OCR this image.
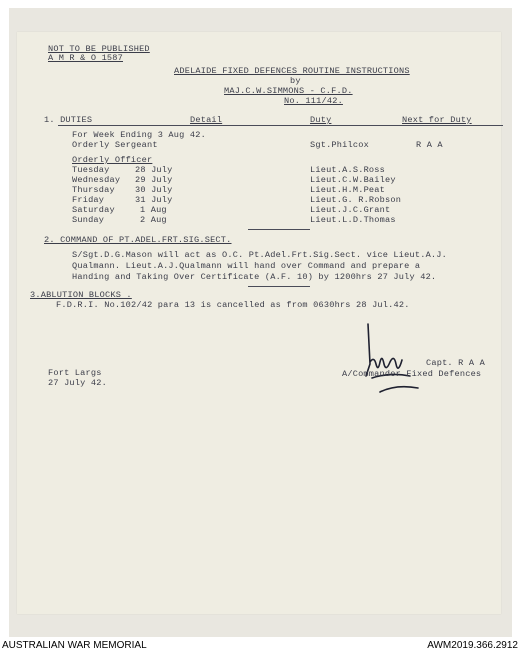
NOT TO BE PUBLISHED
A M R & O 1587
ADELAIDE FIXED DEFENCES ROUTINE INSTRUCTIONS
by
MAJ.C.W.SIMMONS - C.F.D.
No. 111/42.
1. DUTIES	Detail	Duty	Next for Duty
For Week Ending 3 Aug 42.
Orderly Sergeant	Sgt.Philcox	R A A
Orderly Officer
Tuesday	28 July	Lieut.A.S.Ross
Wednesday 29 July	Lieut.C.W.Bailey
Thursday 30 July	Lieut.H.M.Peat
Friday	31 July	Lieut.G. R.Robson
Saturday	1 Aug	Lieut.J.C.Grant
Sunday	2 Aug	Lieut.L.D.Thomas
2. COMMAND OF PT.ADEL.FRT.SIG.SECT.
S/Sgt.D.G.Mason will act as O.C. Pt.Adel.Frt.Sig.Sect. vice Lieut.A.J.
Qualmann. Lieut.A.J.Qualmann will hand over Command and prepare a
Handing and Taking Over Certificate (A.F. 10) by 1200hrs 27 July 42.
3.ABLUTION BLOCKS .
F.D.R.I. No.102/42 para 13 is cancelled as from 0630hrs 28 Jul.42.
Fort Largs
27 July 42.
Capt. R A A
A/Commander Fixed Defences
AUSTRALIAN WAR MEMORIAL	AWM2019.366.2912
